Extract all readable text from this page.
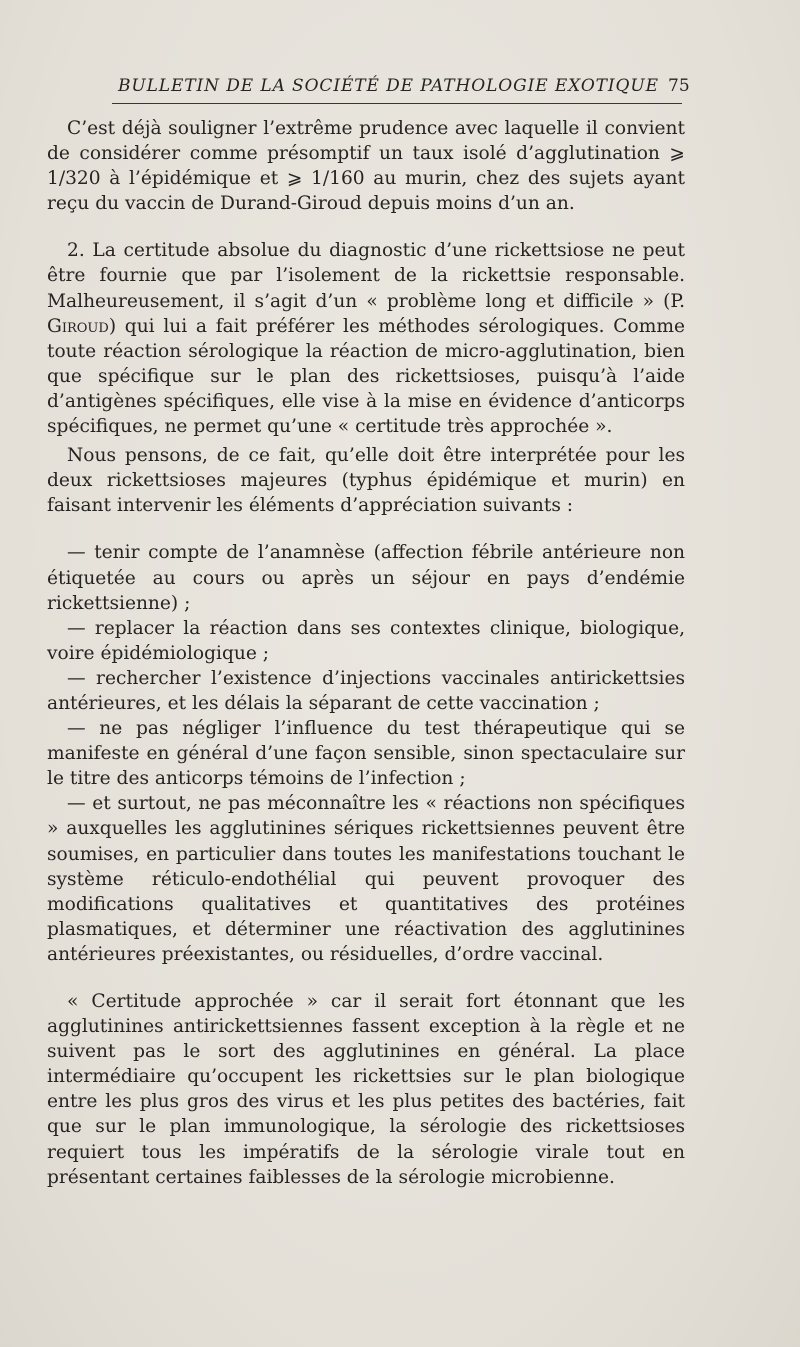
BULLETIN DE LA SOCIÉTÉ DE PATHOLOGIE EXOTIQUE 75

C’est déjà souligner l’extrême prudence avec laquelle il convient de considérer comme présomptif un taux isolé d’agglutination ⩾ 1/320 à l’épidémique et ⩾ 1/160 au murin, chez des sujets ayant reçu du vaccin de Durand-Giroud depuis moins d’un an.

2. La certitude absolue du diagnostic d’une rickettsiose ne peut être fournie que par l’isolement de la rickettsie responsable. Malheureusement, il s’agit d’un « problème long et difficile » (P. Giroud) qui lui a fait préférer les méthodes sérologiques. Comme toute réaction sérologique la réaction de micro-agglutination, bien que spécifique sur le plan des rickettsioses, puisqu’à l’aide d’antigènes spécifiques, elle vise à la mise en évidence d’anticorps spécifiques, ne permet qu’une « certitude très approchée ».

Nous pensons, de ce fait, qu’elle doit être interprétée pour les deux rickettsioses majeures (typhus épidémique et murin) en faisant intervenir les éléments d’appréciation suivants :

— tenir compte de l’anamnèse (affection fébrile antérieure non étiquetée au cours ou après un séjour en pays d’endémie rickettsienne) ;

— replacer la réaction dans ses contextes clinique, biologique, voire épidémiologique ;

— rechercher l’existence d’injections vaccinales antirickettsies antérieures, et les délais la séparant de cette vaccination ;

— ne pas négliger l’influence du test thérapeutique qui se manifeste en général d’une façon sensible, sinon spectaculaire sur le titre des anticorps témoins de l’infection ;

— et surtout, ne pas méconnaître les « réactions non spécifiques » auxquelles les agglutinines sériques rickettsiennes peuvent être soumises, en particulier dans toutes les manifestations touchant le système réticulo-endothélial qui peuvent provoquer des modifications qualitatives et quantitatives des protéines plasmatiques, et déterminer une réactivation des agglutinines antérieures préexistantes, ou résiduelles, d’ordre vaccinal.

« Certitude approchée » car il serait fort étonnant que les agglutinines antirickettsiennes fassent exception à la règle et ne suivent pas le sort des agglutinines en général. La place intermédiaire qu’occupent les rickettsies sur le plan biologique entre les plus gros des virus et les plus petites des bactéries, fait que sur le plan immunologique, la sérologie des rickettsioses requiert tous les impératifs de la sérologie virale tout en présentant certaines faiblesses de la sérologie microbienne.
